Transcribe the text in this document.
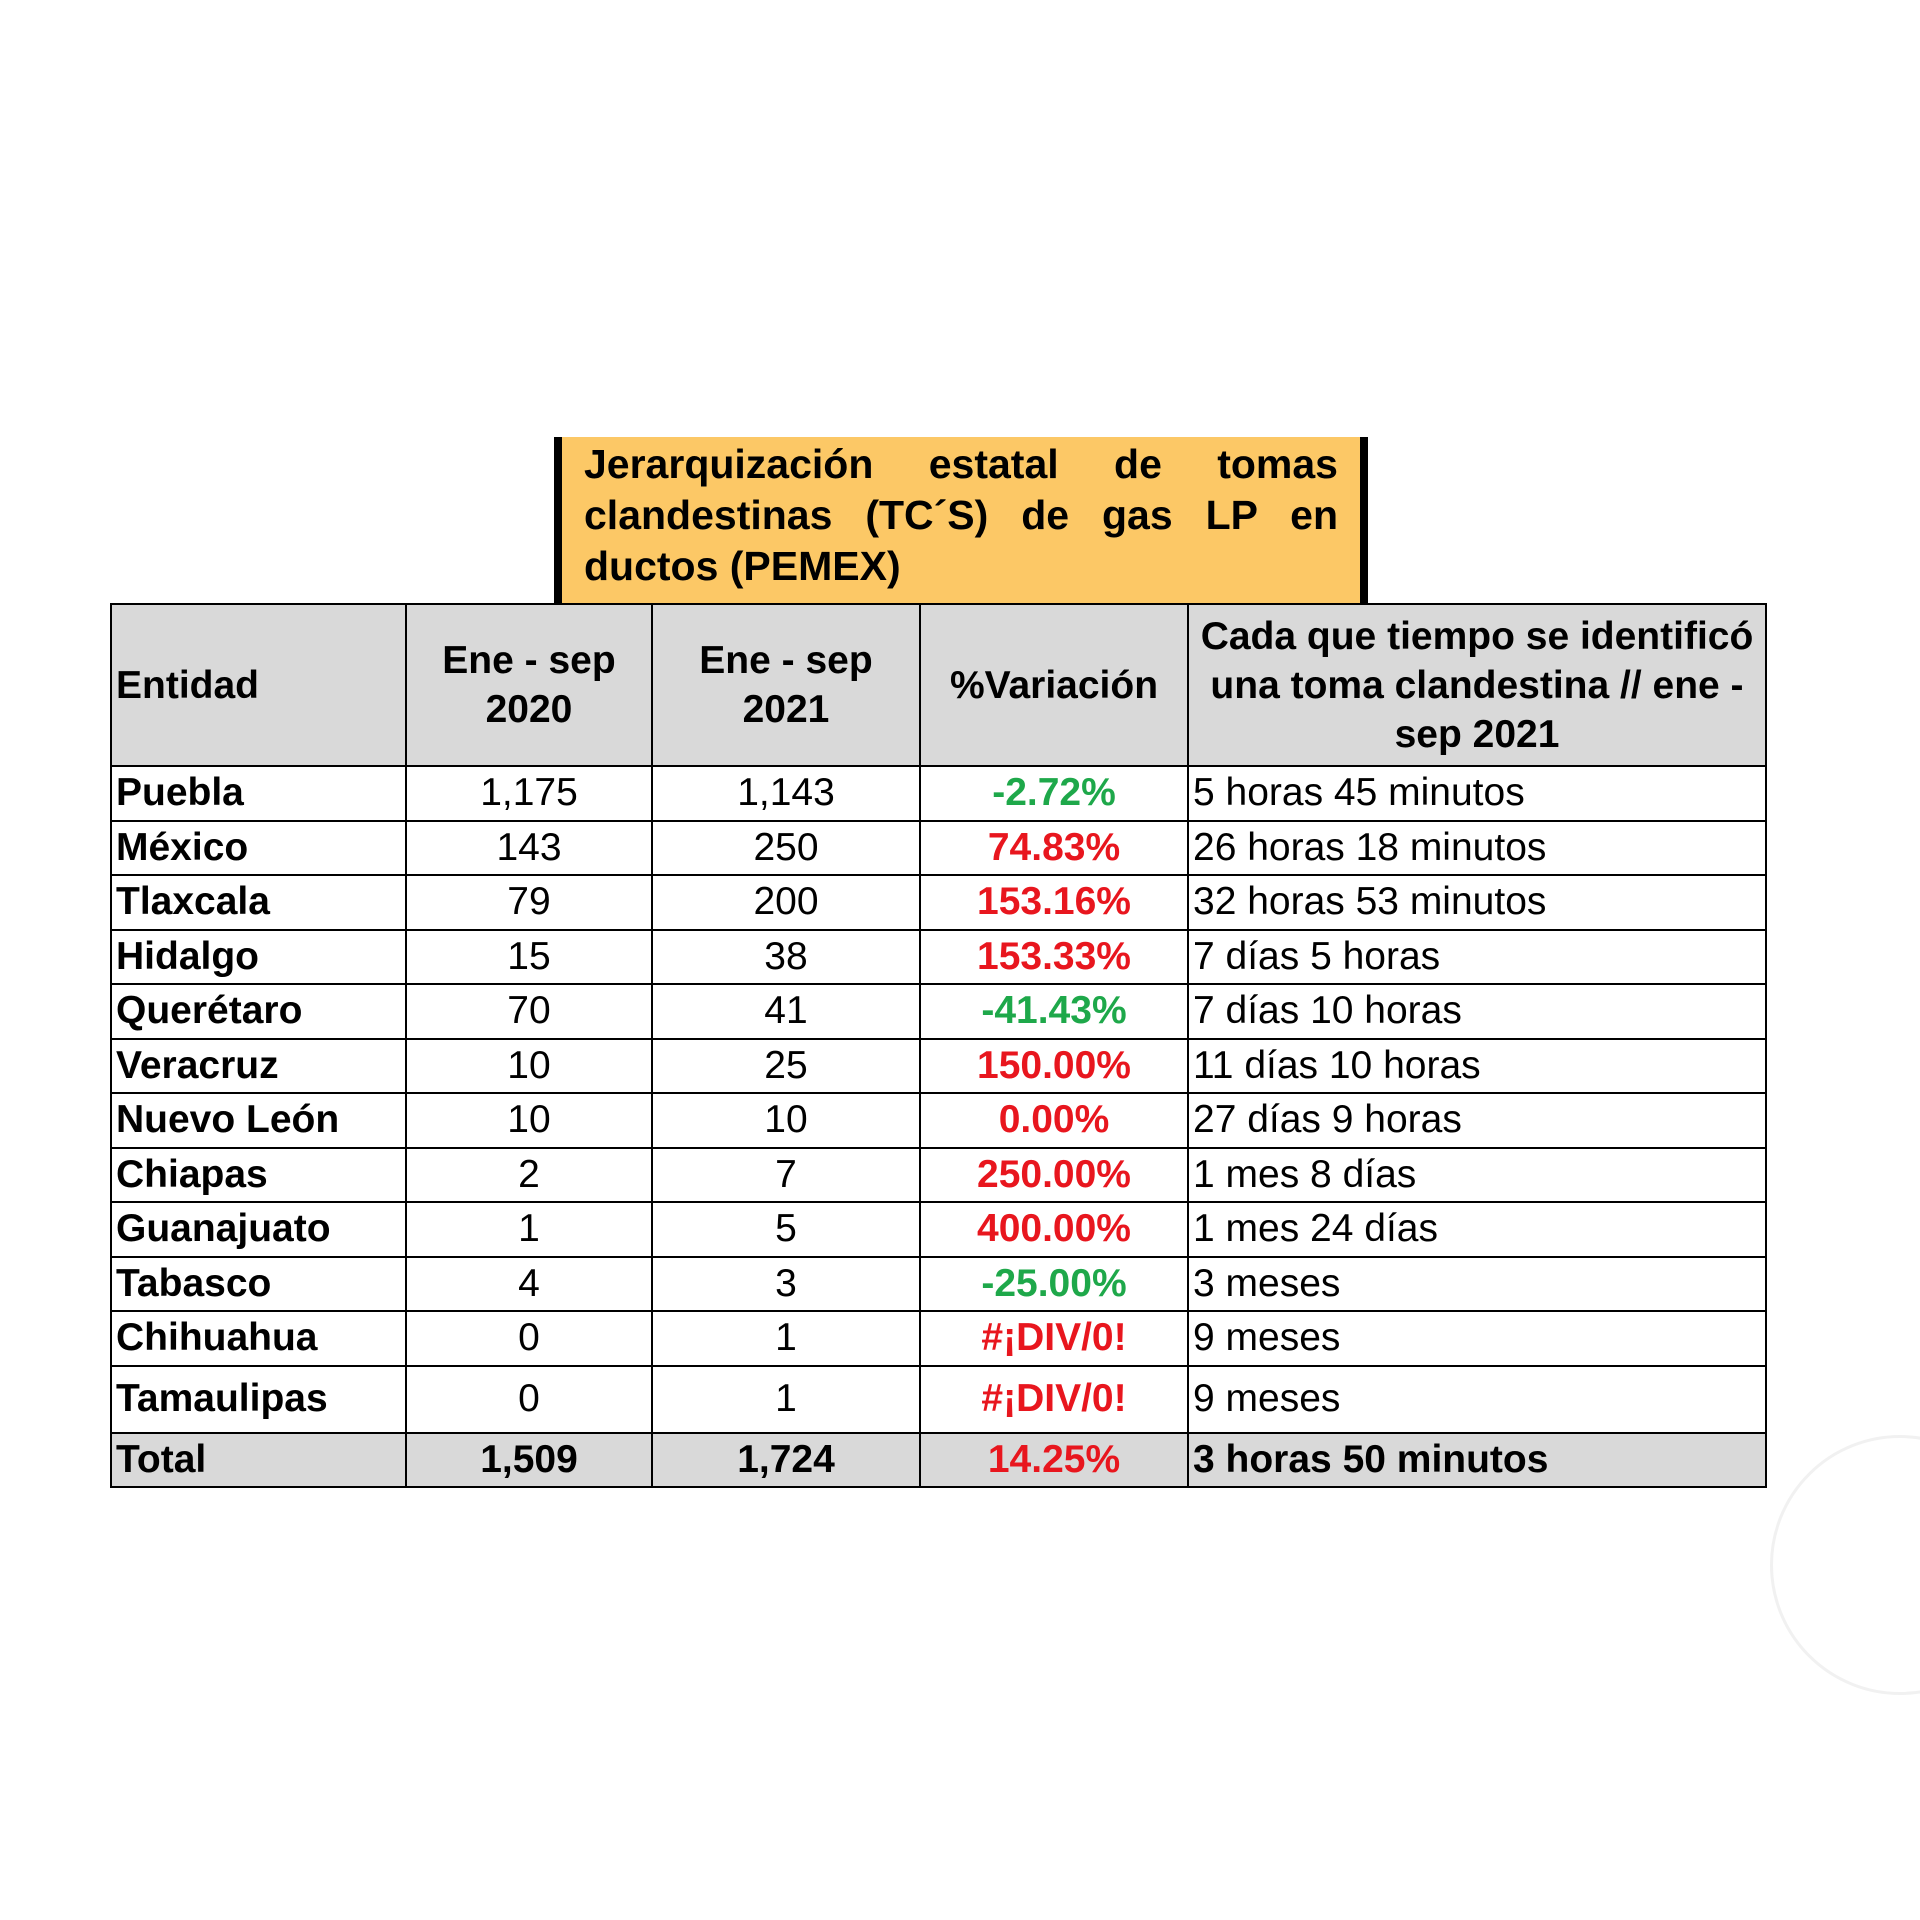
Jerarquización estatal de tomas clandestinas (TC´S) de gas LP en ductos (PEMEX)
Entidad	Ene - sep 2020	Ene - sep 2021	%Variación	Cada que tiempo se identificó una toma clandestina // ene - sep 2021
Puebla	1,175	1,143	-2.72%	5 horas 45 minutos
México	143	250	74.83%	26 horas 18 minutos
Tlaxcala	79	200	153.16%	32 horas 53 minutos
Hidalgo	15	38	153.33%	7 días 5 horas
Querétaro	70	41	-41.43%	7 días 10 horas
Veracruz	10	25	150.00%	11 días 10 horas
Nuevo León	10	10	0.00%	27 días 9 horas
Chiapas	2	7	250.00%	1 mes 8 días
Guanajuato	1	5	400.00%	1 mes 24 días
Tabasco	4	3	-25.00%	3 meses
Chihuahua	0	1	#¡DIV/0!	9 meses
Tamaulipas	0	1	#¡DIV/0!	9 meses
Total	1,509	1,724	14.25%	3 horas 50 minutos
